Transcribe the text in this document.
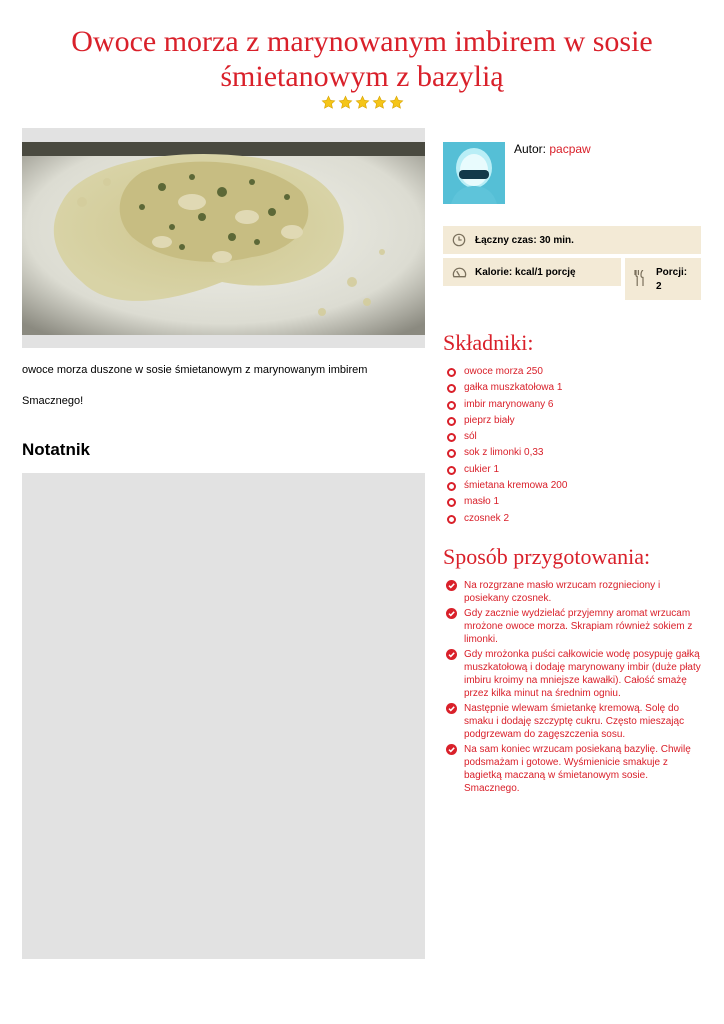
Owoce morza z marynowanym imbirem w sosie śmietanowym z bazylią

owoce morza duszone w sosie śmietanowym z marynowanym imbirem

Smacznego!

Notatnik
Autor: pacpaw
Łączny czas: 30 min.
Kalorie: kcal/1 porcję	Porcji:
2
Składniki:
owoce morza 250
gałka muszkatołowa 1
imbir marynowany 6
pieprz biały
sól
sok z limonki 0,33
cukier 1
śmietana kremowa 200
masło 1
czosnek 2
Sposób przygotowania:
Na rozgrzane masło wrzucam rozgnieciony i posiekany czosnek.
Gdy zacznie wydzielać przyjemny aromat wrzucam mrożone owoce morza. Skrapiam również sokiem z limonki.
Gdy mrożonka puści całkowicie wodę posypuję gałką muszkatołową i dodaję marynowany imbir (duże płaty imbiru kroimy na mniejsze kawałki). Całość smażę przez kilka minut na średnim ogniu.
Następnie wlewam śmietankę kremową. Solę do smaku i dodaję szczyptę cukru. Często mieszając podgrzewam do zagęszczenia sosu.
Na sam koniec wrzucam posiekaną bazylię. Chwilę podsmażam i gotowe. Wyśmienicie smakuje z bagietką maczaną w śmietanowym sosie. Smacznego.
